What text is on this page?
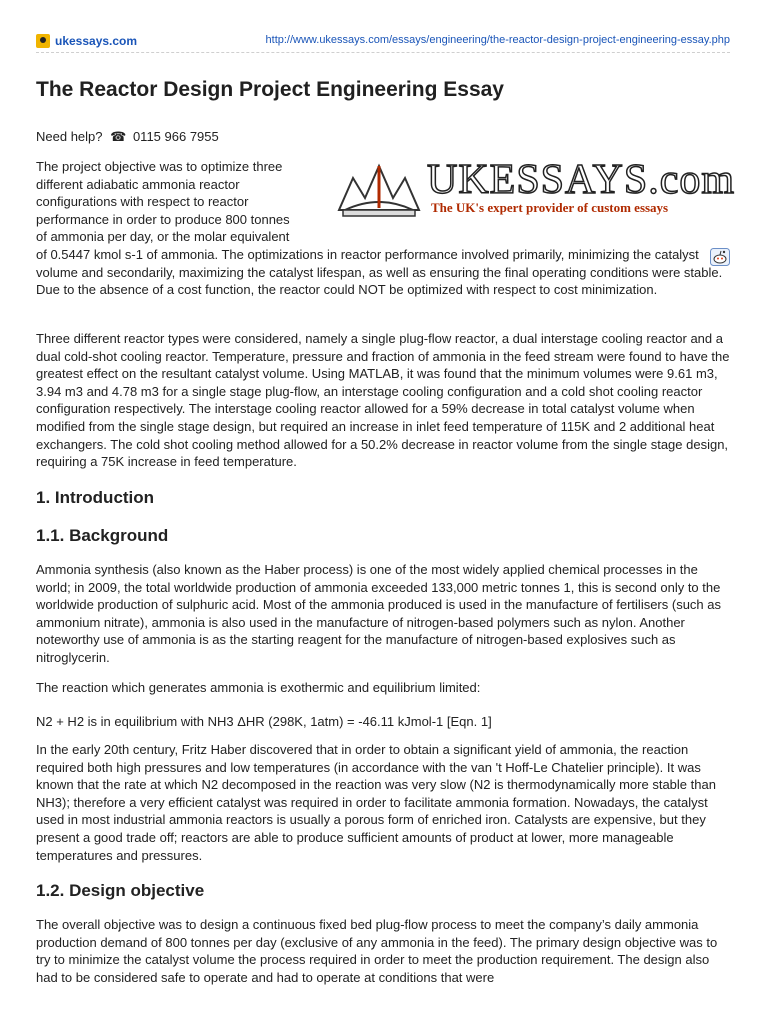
ukessays.com	http://www.ukessays.com/essays/engineering/the-reactor-design-project-engineering-essay.php
The Reactor Design Project Engineering Essay
Need help? ☎ 0115 966 7955

The project objective was to optimize three
different adiabatic ammonia reactor
configurations with respect to reactor
performance in order to produce 800 tonnes
of ammonia per day, or the molar equivalent

UKESSAYS.com
The UK's expert provider of custom essays

of 0.5447 kmol s-1 of ammonia. The optimizations in reactor performance involved primarily, minimizing the catalyst volume and secondarily, maximizing the catalyst lifespan, as well as ensuring the final operating conditions were stable. Due to the absence of a cost function, the reactor could NOT be optimized with respect to cost minimization.

Three different reactor types were considered, namely a single plug-flow reactor, a dual interstage cooling reactor and a dual cold-shot cooling reactor. Temperature, pressure and fraction of ammonia in the feed stream were found to have the greatest effect on the resultant catalyst volume. Using MATLAB, it was found that the minimum volumes were 9.61 m3, 3.94 m3 and 4.78 m3 for a single stage plug-flow, an interstage cooling configuration and a cold shot cooling reactor configuration respectively. The interstage cooling reactor allowed for a 59% decrease in total catalyst volume when modified from the single stage design, but required an increase in inlet feed temperature of 115K and 2 additional heat exchangers. The cold shot cooling method allowed for a 50.2% decrease in reactor volume from the single stage design, requiring a 75K increase in feed temperature.

1. Introduction
1.1. Background

Ammonia synthesis (also known as the Haber process) is one of the most widely applied chemical processes in the world; in 2009, the total worldwide production of ammonia exceeded 133,000 metric tonnes 1, this is second only to the worldwide production of sulphuric acid. Most of the ammonia produced is used in the manufacture of fertilisers (such as ammonium nitrate), ammonia is also used in the manufacture of nitrogen-based polymers such as nylon. Another noteworthy use of ammonia is as the starting reagent for the manufacture of nitrogen-based explosives such as nitroglycerin.

The reaction which generates ammonia is exothermic and equilibrium limited:

N2 + H2 is in equilibrium with NH3 ΔHR (298K, 1atm) = -46.11 kJmol-1 [Eqn. 1]

In the early 20th century, Fritz Haber discovered that in order to obtain a significant yield of ammonia, the reaction required both high pressures and low temperatures (in accordance with the van 't Hoff-Le Chatelier principle). It was known that the rate at which N2 decomposed in the reaction was very slow (N2 is thermodynamically more stable than NH3); therefore a very efficient catalyst was required in order to facilitate ammonia formation. Nowadays, the catalyst used in most industrial ammonia reactors is usually a porous form of enriched iron. Catalysts are expensive, but they present a good trade off; reactors are able to produce sufficient amounts of product at lower, more manageable temperatures and pressures.

1.2. Design objective

The overall objective was to design a continuous fixed bed plug-flow process to meet the company’s daily ammonia production demand of 800 tonnes per day (exclusive of any ammonia in the feed). The primary design objective was to try to minimize the catalyst volume the process required in order to meet the production requirement. The design also had to be considered safe to operate and had to operate at conditions that were
